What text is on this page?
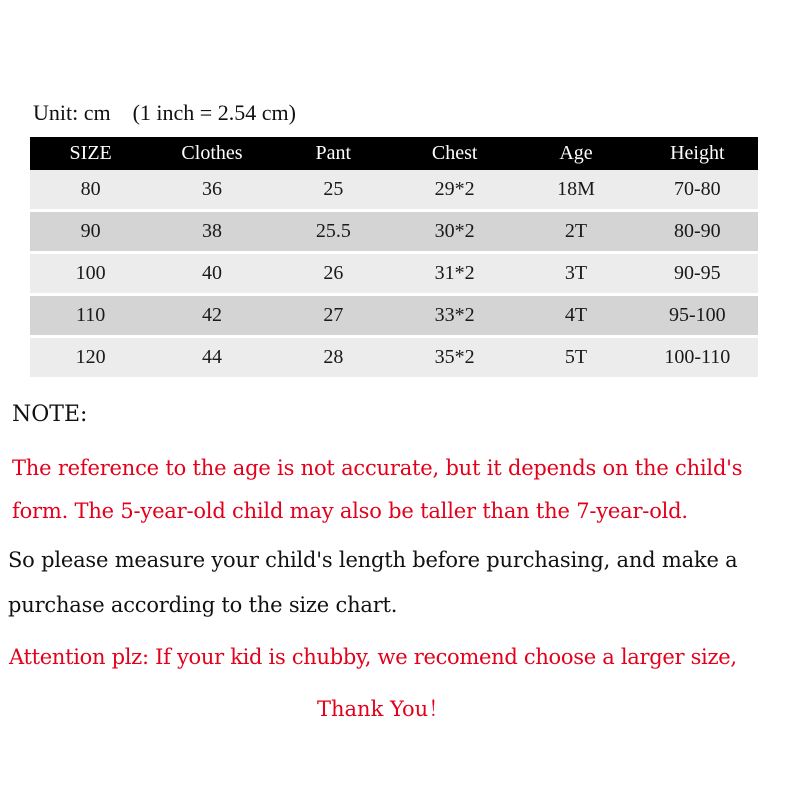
Unit: cm    (1 inch = 2.54 cm)
SIZE	Clothes	Pant	Chest	Age	Height
80	36	25	29*2	18M	70-80

90	38	25.5	30*2	2T	80-90

100	40	26	31*2	3T	90-95

110	42	27	33*2	4T	95-100

120	44	28	35*2	5T	100-110
NOTE:
The reference to the age is not accurate, but it depends on the child's form. The 5-year-old child may also be taller than the 7-year-old.
So please measure your child's length before purchasing, and make a purchase according to the size chart.
Attention plz: If your kid is chubby, we recomend choose a larger size,
Thank You！
